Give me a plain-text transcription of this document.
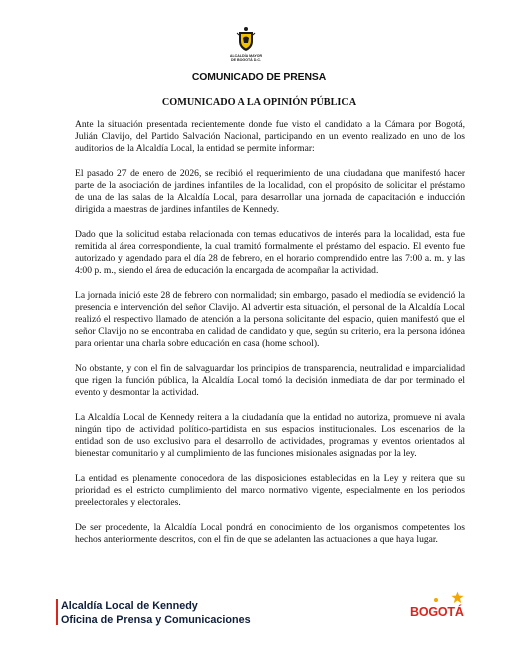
ALCALDÍA MAYOR
DE BOGOTÁ D.C.
COMUNICADO DE PRENSA
COMUNICADO A LA OPINIÓN PÚBLICA

Ante la situación presentada recientemente donde fue visto el candidato a la Cámara por Bogotá, Julián Clavijo, del Partido Salvación Nacional, participando en un evento realizado en uno de los auditorios de la Alcaldía Local, la entidad se permite informar:

El pasado 27 de enero de 2026, se recibió el requerimiento de una ciudadana que manifestó hacer parte de la asociación de jardines infantiles de la localidad, con el propósito de solicitar el préstamo de una de las salas de la Alcaldía Local, para desarrollar una jornada de capacitación e inducción dirigida a maestras de jardines infantiles de Kennedy.

Dado que la solicitud estaba relacionada con temas educativos de interés para la localidad, esta fue remitida al área correspondiente, la cual tramitó formalmente el préstamo del espacio. El evento fue autorizado y agendado para el día 28 de febrero, en el horario comprendido entre las 7:00 a. m. y las 4:00 p. m., siendo el área de educación la encargada de acompañar la actividad.

La jornada inició este 28 de febrero con normalidad; sin embargo, pasado el mediodía se evidenció la presencia e intervención del señor Clavijo. Al advertir esta situación, el personal de la Alcaldía Local realizó el respectivo llamado de atención a la persona solicitante del espacio, quien manifestó que el señor Clavijo no se encontraba en calidad de candidato y que, según su criterio, era la persona idónea para orientar una charla sobre educación en casa (home school).

No obstante, y con el fin de salvaguardar los principios de transparencia, neutralidad e imparcialidad que rigen la función pública, la Alcaldía Local tomó la decisión inmediata de dar por terminado el evento y desmontar la actividad.

La Alcaldía Local de Kennedy reitera a la ciudadanía que la entidad no autoriza, promueve ni avala ningún tipo de actividad político-partidista en sus espacios institucionales. Los escenarios de la entidad son de uso exclusivo para el desarrollo de actividades, programas y eventos orientados al bienestar comunitario y al cumplimiento de las funciones misionales asignadas por la ley.

La entidad es plenamente conocedora de las disposiciones establecidas en la Ley y reitera que su prioridad es el estricto cumplimiento del marco normativo vigente, especialmente en los periodos preelectorales y electorales.

De ser procedente, la Alcaldía Local pondrá en conocimiento de los organismos competentes los hechos anteriormente descritos, con el fin de que se adelanten las actuaciones a que haya lugar.

Alcaldía Local de Kennedy
Oficina de Prensa y Comunicaciones
BOGOTÁ
